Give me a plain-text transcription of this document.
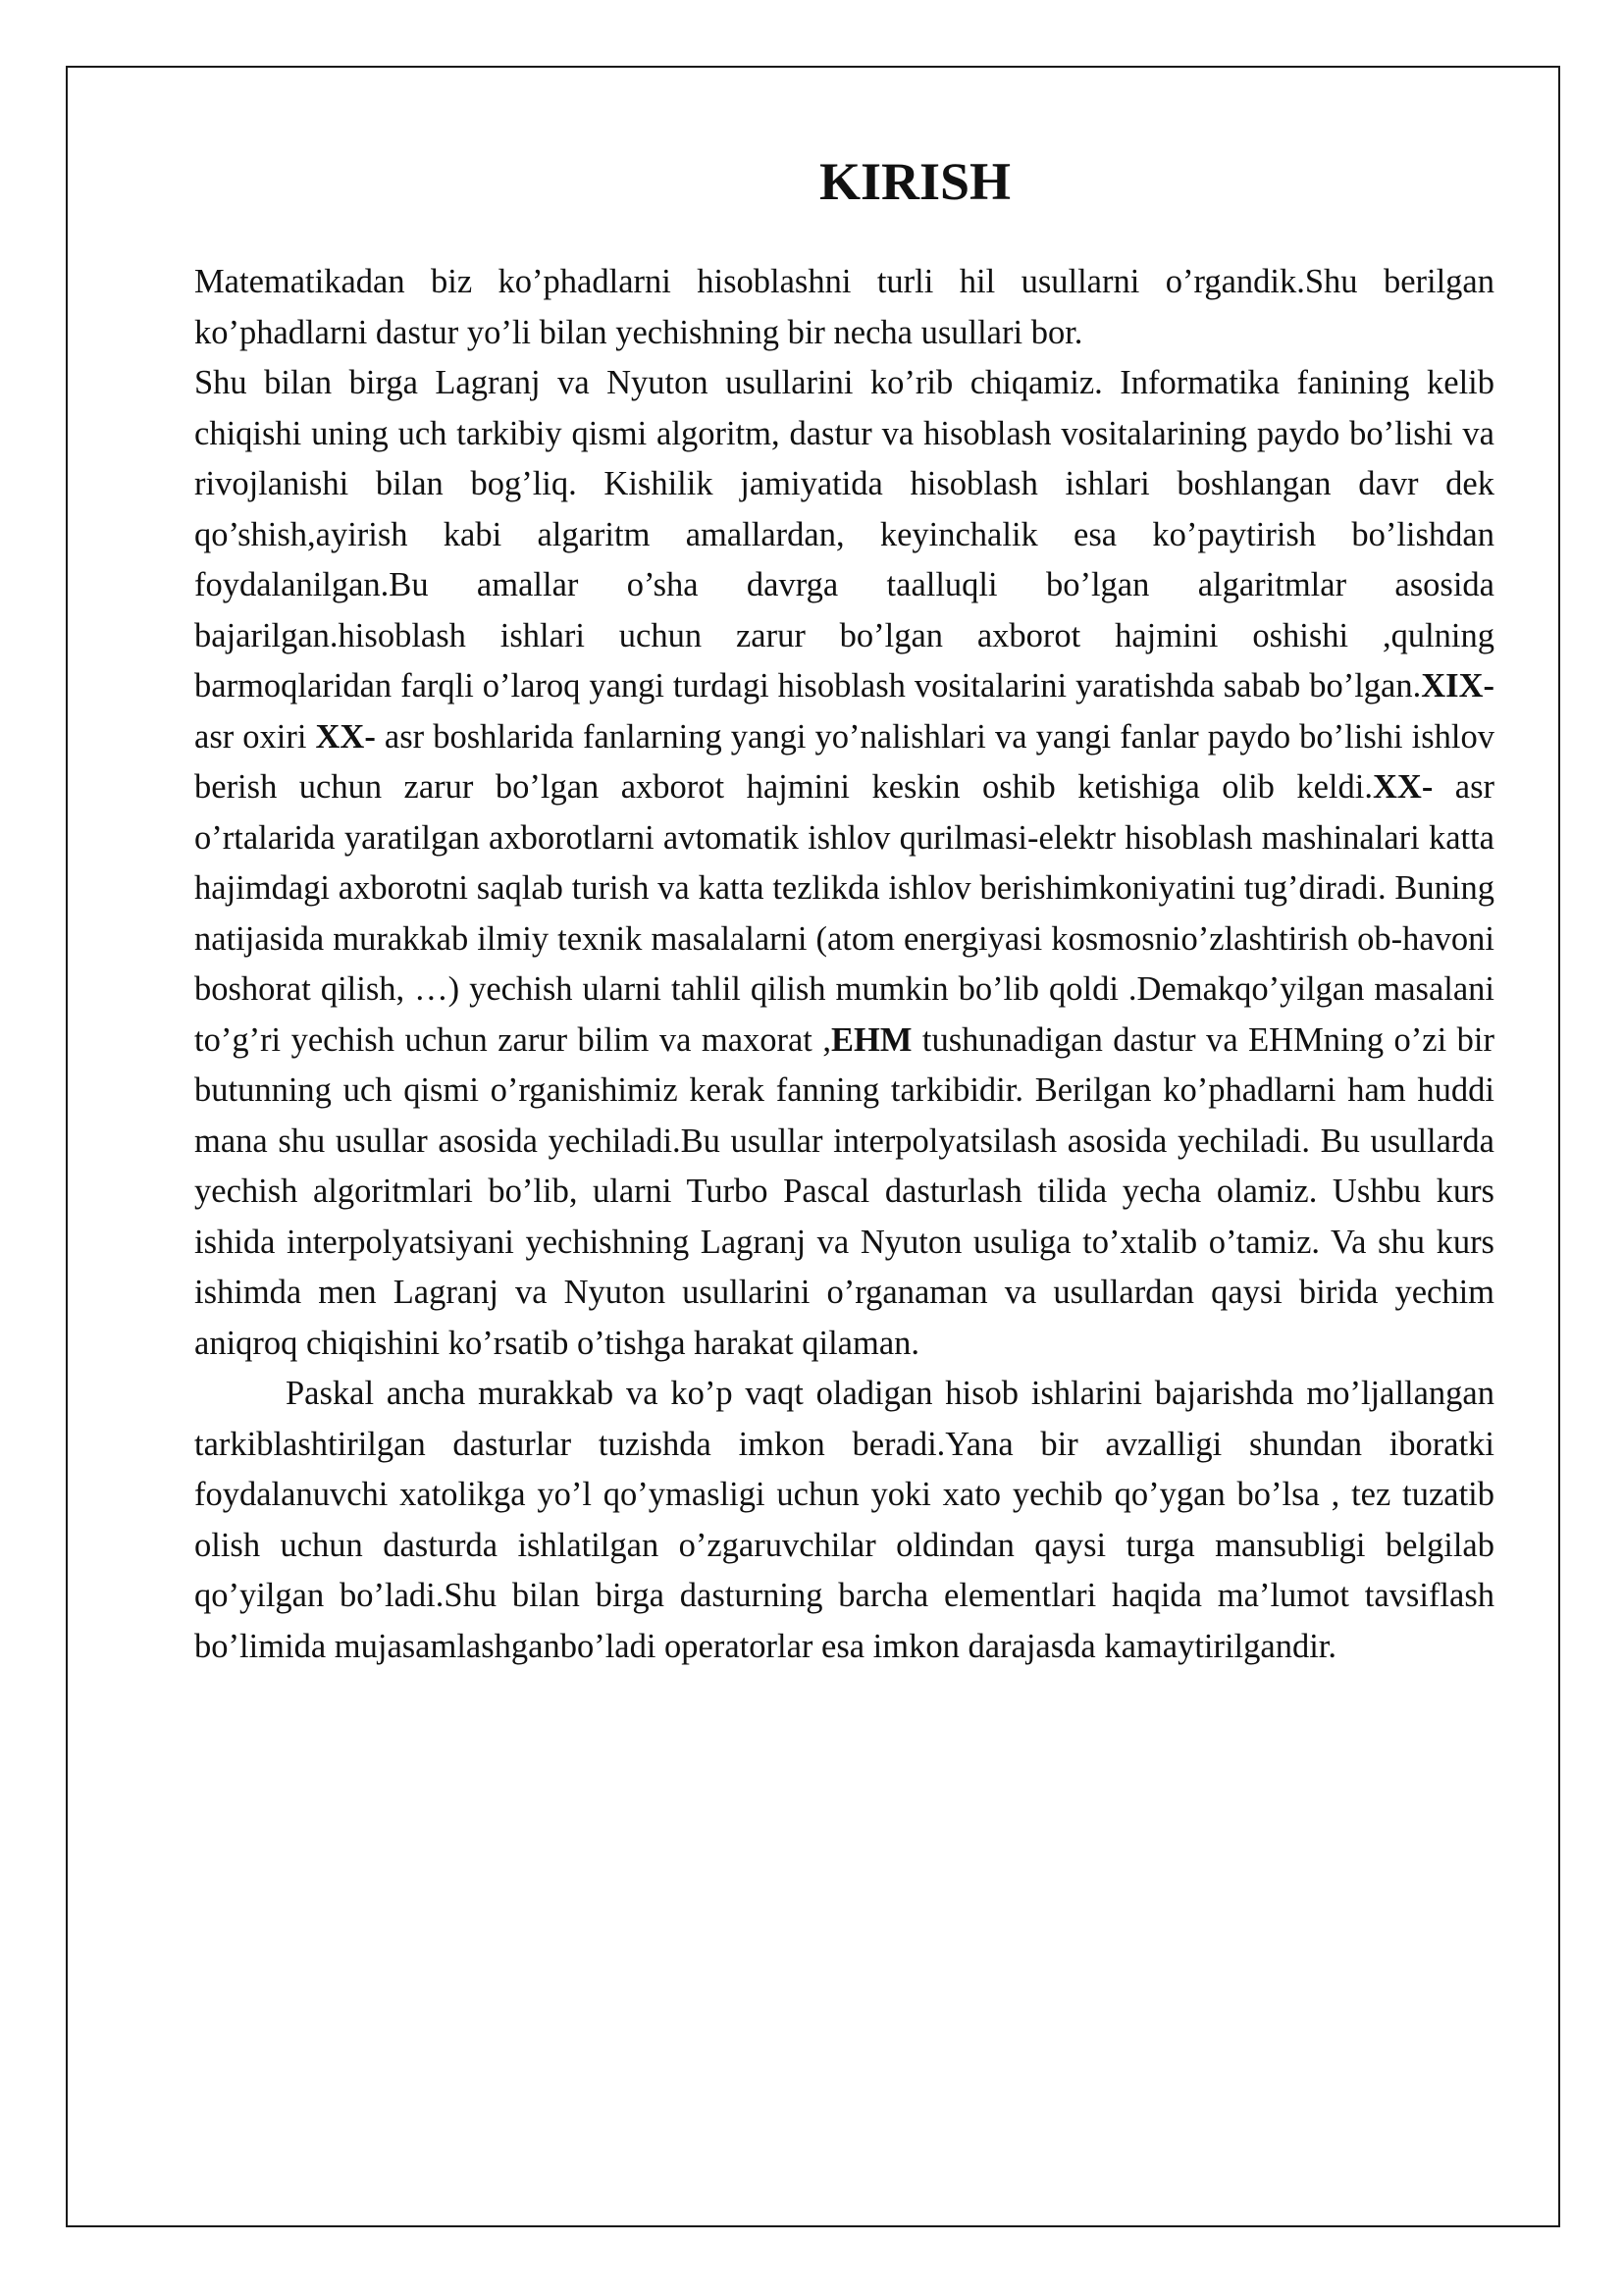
KIRISH

Matematikadan biz ko’phadlarni hisoblashni turli hil usullarni o’rgandik.Shu berilgan ko’phadlarni dastur yo’li bilan yechishning bir necha usullari bor.

Shu bilan birga Lagranj va Nyuton usullarini ko’rib chiqamiz. Informatika fanining kelib chiqishi uning uch tarkibiy qismi algoritm, dastur va hisoblash vositalarining paydo bo’lishi va rivojlanishi bilan bog’liq. Kishilik jamiyatida hisoblash ishlari boshlangan davr dek qo’shish,ayirish kabi algaritm amallardan, keyinchalik esa ko’paytirish bo’lishdan foydalanilgan.Bu amallar o’sha davrga taalluqli bo’lgan algaritmlar asosida bajarilgan.hisoblash ishlari uchun zarur bo’lgan axborot hajmini oshishi ,qulning barmoqlaridan farqli o’laroq yangi turdagi hisoblash vositalarini yaratishda sabab bo’lgan.XIX- asr oxiri XX- asr boshlarida fanlarning yangi yo’nalishlari va yangi fanlar paydo bo’lishi ishlov berish uchun zarur bo’lgan axborot hajmini keskin oshib ketishiga olib keldi.XX- asr o’rtalarida yaratilgan axborotlarni avtomatik ishlov qurilmasi-elektr hisoblash mashinalari katta hajimdagi axborotni saqlab turish va katta tezlikda ishlov berishimkoniyatini tug’diradi. Buning natijasida murakkab ilmiy texnik masalalarni (atom energiyasi kosmosnio’zlashtirish ob-havoni boshorat qilish, …) yechish ularni tahlil qilish mumkin bo’lib qoldi .Demakqo’yilgan masalani to’g’ri yechish uchun zarur bilim va maxorat ,EHM tushunadigan dastur va EHMning o’zi bir butunning uch qismi o’rganishimiz kerak fanning tarkibidir. Berilgan ko’phadlarni ham huddi mana shu usullar asosida yechiladi.Bu usullar interpolyatsilash asosida yechiladi. Bu usullarda yechish algoritmlari bo’lib, ularni Turbo Pascal dasturlash tilida yecha olamiz. Ushbu kurs ishida interpolyatsiyani yechishning Lagranj va Nyuton usuliga to’xtalib o’tamiz. Va shu kurs ishimda men Lagranj va Nyuton usullarini o’rganaman va usullardan qaysi birida yechim aniqroq chiqishini ko’rsatib o’tishga harakat qilaman.

Paskal ancha murakkab va ko’p vaqt oladigan hisob ishlarini bajarishda mo’ljallangan tarkiblashtirilgan dasturlar tuzishda imkon beradi.Yana bir avzalligi shundan iboratki foydalanuvchi xatolikga yo’l qo’ymasligi uchun yoki xato yechib qo’ygan bo’lsa , tez tuzatib olish uchun dasturda ishlatilgan o’zgaruvchilar oldindan qaysi turga mansubligi belgilab qo’yilgan bo’ladi.Shu bilan birga dasturning barcha elementlari haqida ma’lumot tavsiflash bo’limida mujasamlashganbo’ladi operatorlar esa imkon darajasda kamaytirilgandir.
